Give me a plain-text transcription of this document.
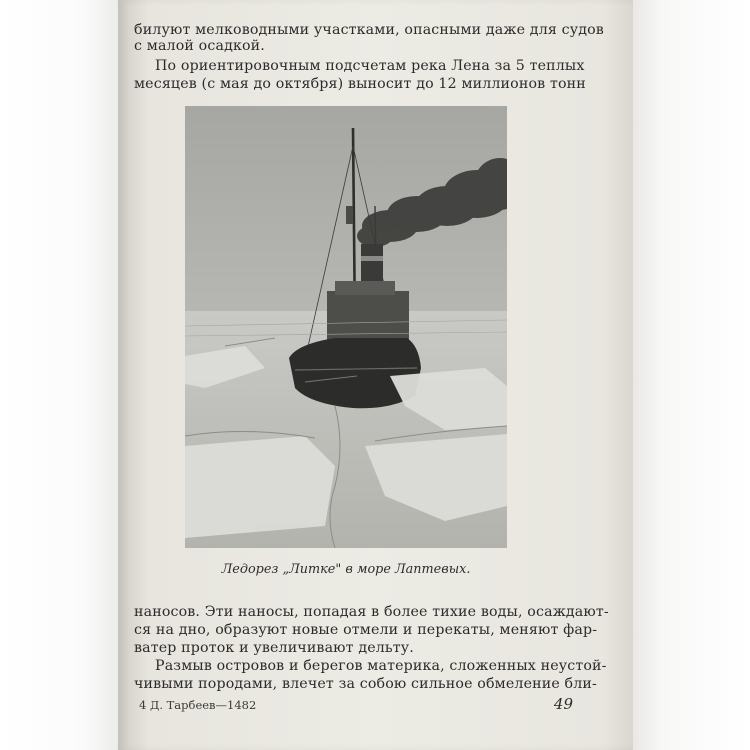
билуют мелководными участками, опасными даже для судов
с малой осадкой.
По ориентировочным подсчетам река Лена за 5 теплых
месяцев (с мая до октября) выносит до 12 миллионов тонн
Ледорез „Литке" в море Лаптевых.
наносов. Эти наносы, попадая в более тихие воды, осаждают-
ся на дно, образуют новые отмели и перекаты, меняют фар-
ватер проток и увеличивают дельту.
Размыв островов и берегов материка, сложенных неустой-
чивыми породами, влечет за собою сильное обмеление бли-
4 Д. Тарбеев—1482	49
